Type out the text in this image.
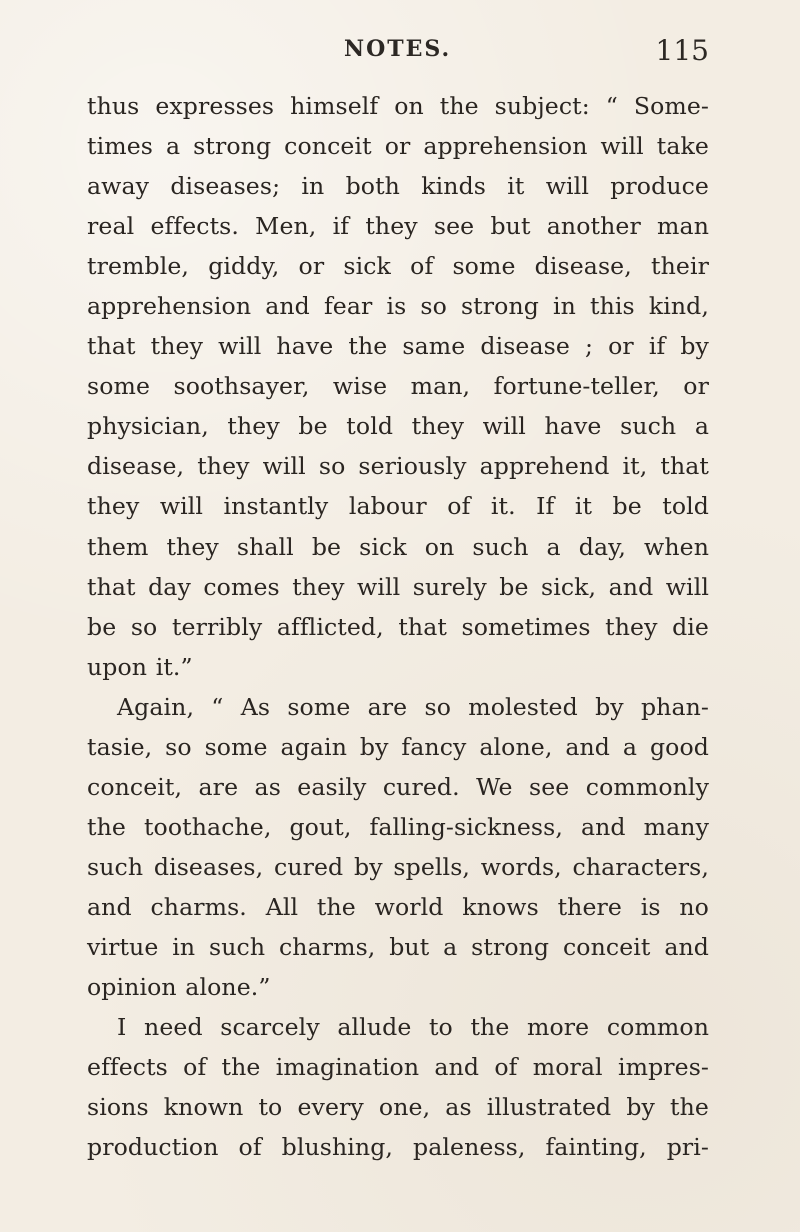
NOTES.	115
thus expresses himself on the subject: “ Some-
times a strong conceit or apprehension will take
away diseases; in both kinds it will produce
real effects. Men, if they see but another man
tremble, giddy, or sick of some disease, their
apprehension and fear is so strong in this kind,
that they will have the same disease ; or if by
some soothsayer, wise man, fortune-teller, or
physician, they be told they will have such a
disease, they will so seriously apprehend it, that
they will instantly labour of it. If it be told
them they shall be sick on such a day, when
that day comes they will surely be sick, and will
be so terribly afflicted, that sometimes they die
upon it.”
Again, “ As some are so molested by phan-
tasie, so some again by fancy alone, and a good
conceit, are as easily cured. We see commonly
the toothache, gout, falling-sickness, and many
such diseases, cured by spells, words, characters,
and charms. All the world knows there is no
virtue in such charms, but a strong conceit and
opinion alone.”
I need scarcely allude to the more common
effects of the imagination and of moral impres-
sions known to every one, as illustrated by the
production of blushing, paleness, fainting, pri-
